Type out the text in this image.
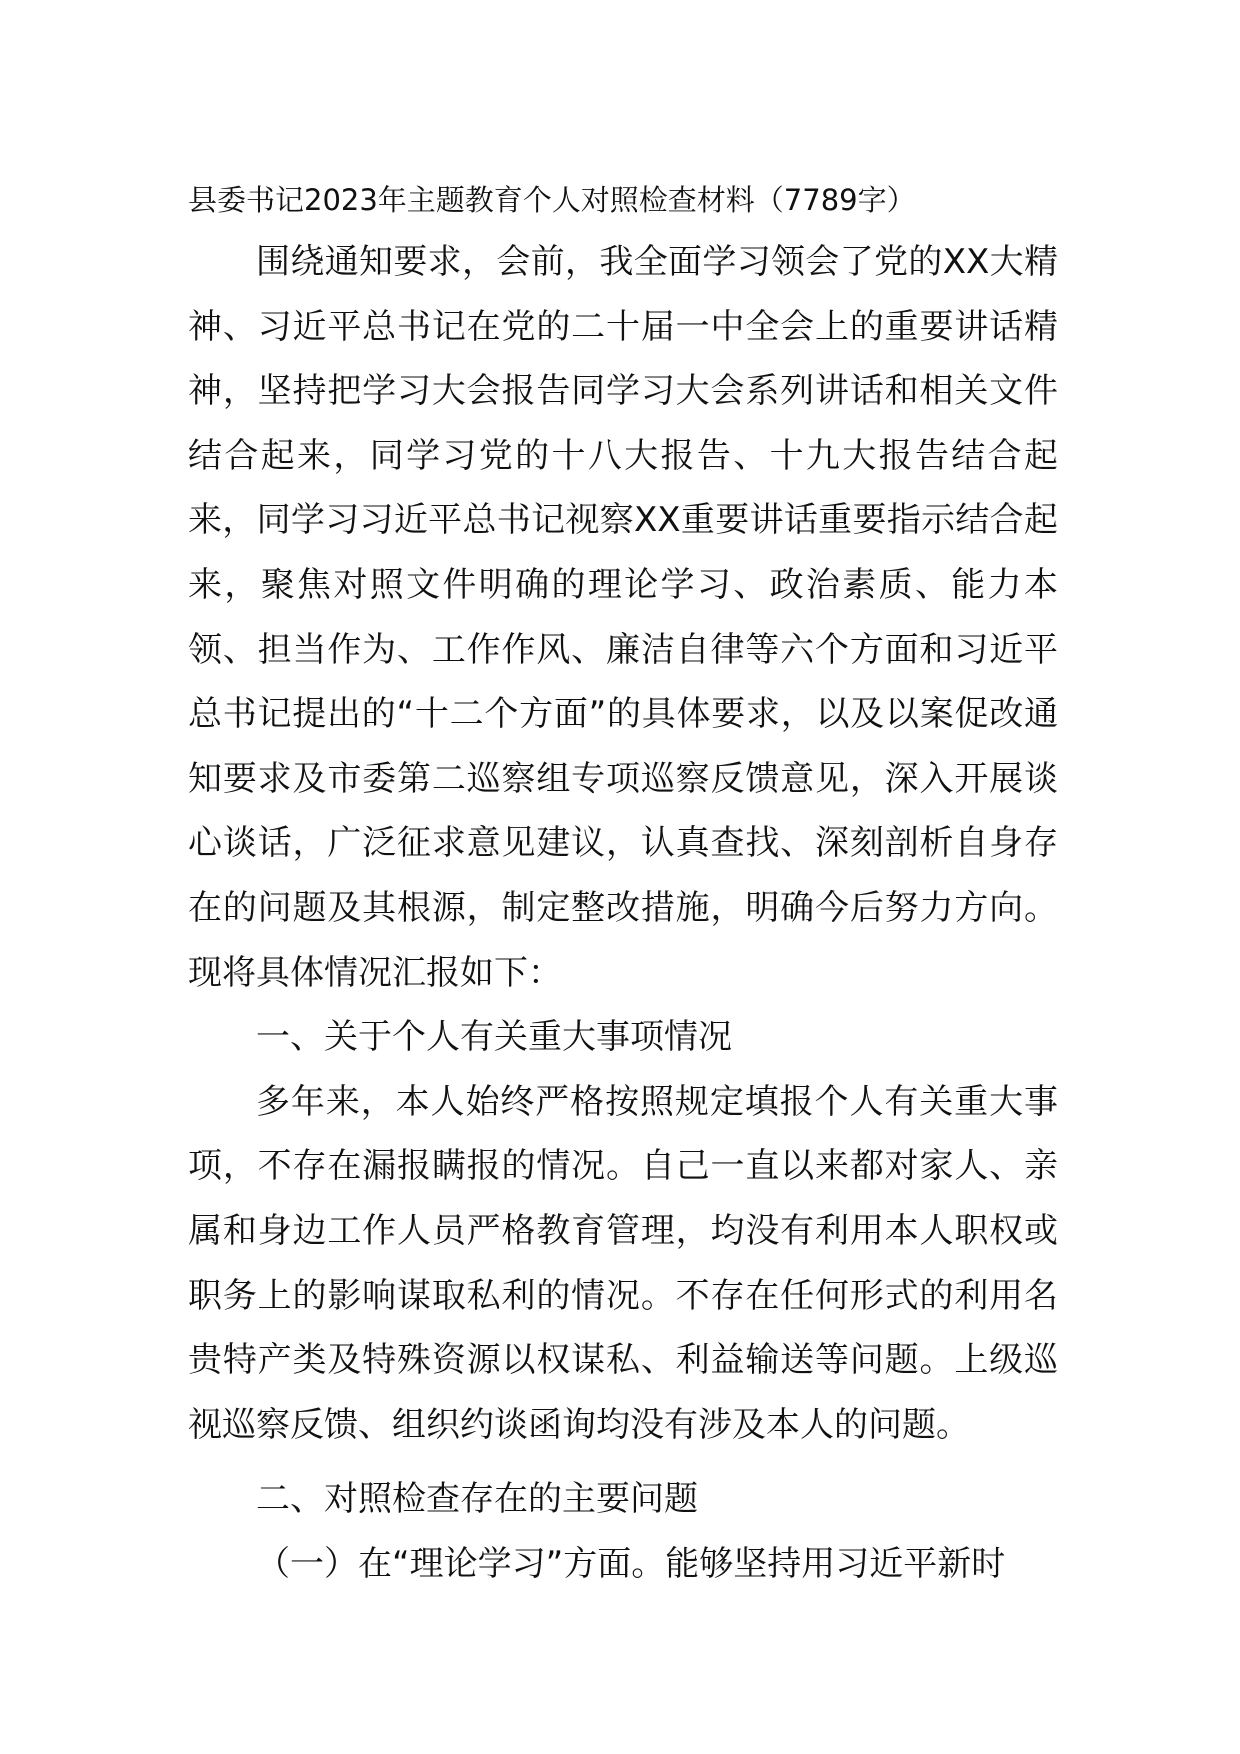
县委书记2023年主题教育个人对照检查材料（7789字）

围绕通知要求，会前，我全面学习领会了党的XX大精神、习近平总书记在党的二十届一中全会上的重要讲话精神，坚持把学习大会报告同学习大会系列讲话和相关文件结合起来，同学习党的十八大报告、十九大报告结合起来，同学习习近平总书记视察XX重要讲话重要指示结合起来，聚焦对照文件明确的理论学习、政治素质、能力本领、担当作为、工作作风、廉洁自律等六个方面和习近平总书记提出的“十二个方面”的具体要求，以及以案促改通知要求及市委第二巡察组专项巡察反馈意见，深入开展谈心谈话，广泛征求意见建议，认真查找、深刻剖析自身存在的问题及其根源，制定整改措施，明确今后努力方向。现将具体情况汇报如下：

一、关于个人有关重大事项情况

多年来，本人始终严格按照规定填报个人有关重大事项，不存在漏报瞒报的情况。自己一直以来都对家人、亲属和身边工作人员严格教育管理，均没有利用本人职权或职务上的影响谋取私利的情况。不存在任何形式的利用名贵特产类及特殊资源以权谋私、利益输送等问题。上级巡视巡察反馈、组织约谈函询均没有涉及本人的问题。

二、对照检查存在的主要问题

（一）在“理论学习”方面。能够坚持用习近平新时
